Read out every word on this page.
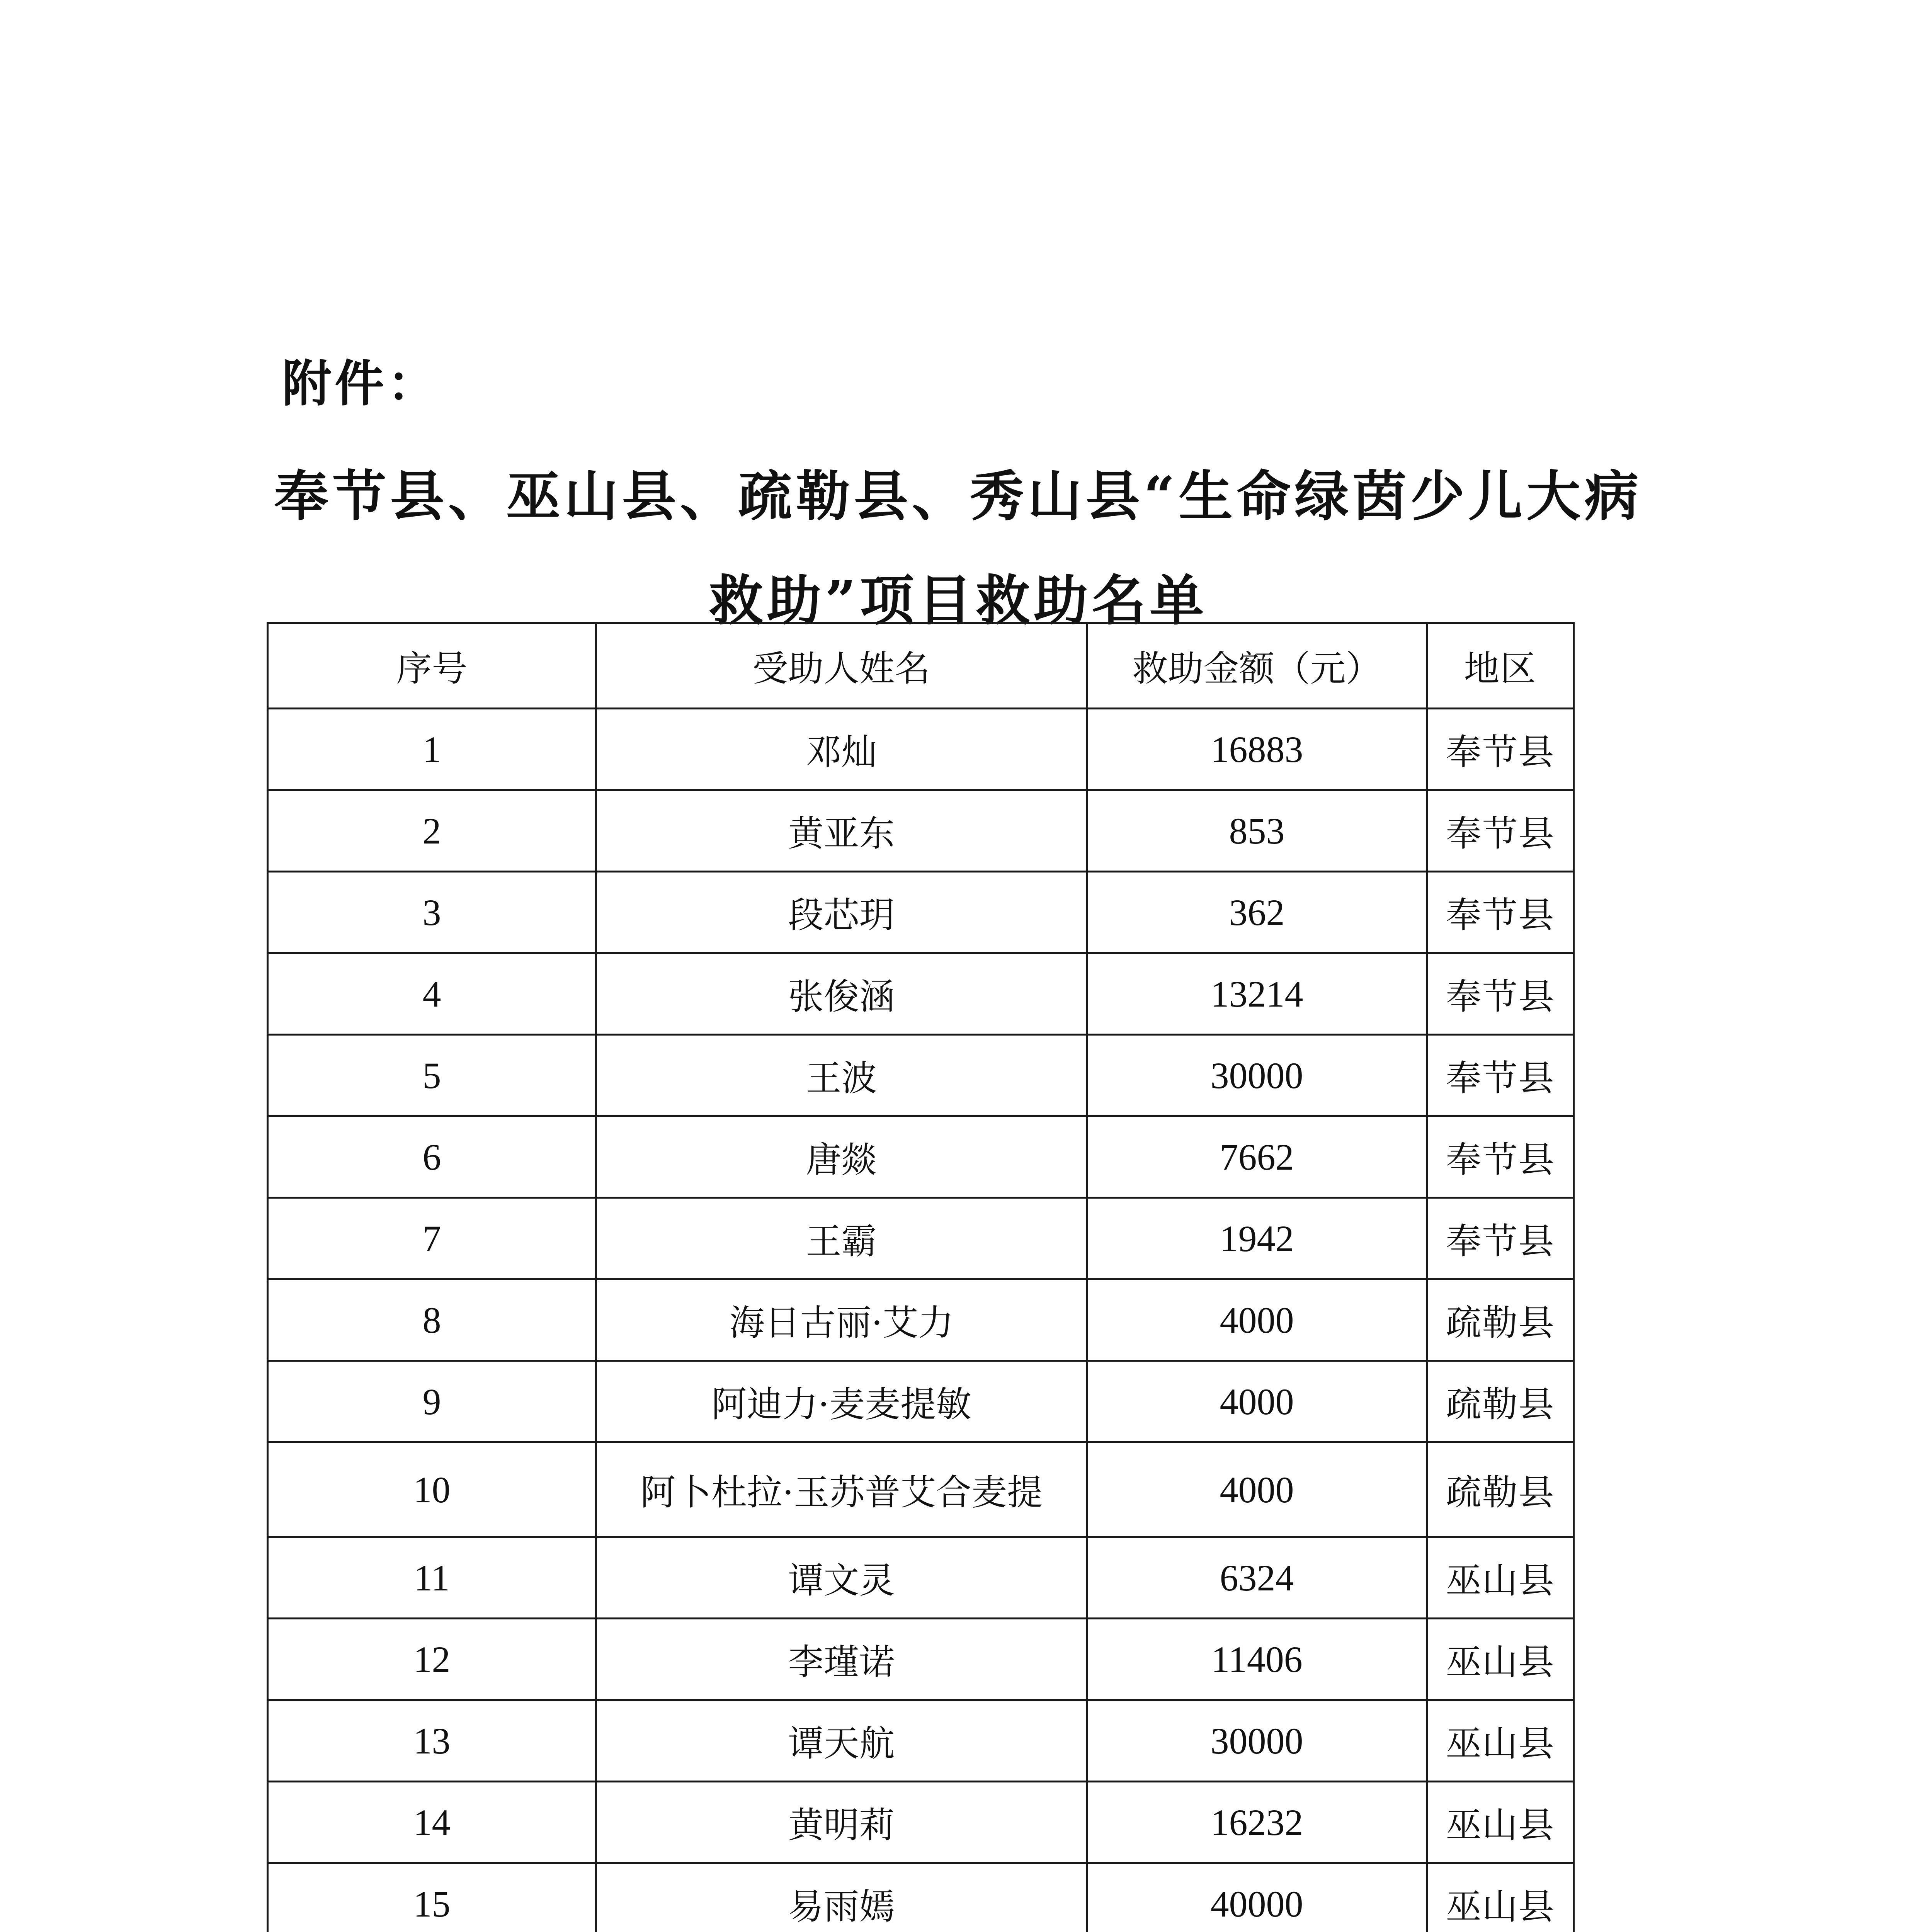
附件：

奉节县、巫山县、疏勒县、秀山县“生命绿茵少儿大病
救助”项目救助名单
序号	受助人姓名	救助金额（元）	地区
1	邓灿	16883	奉节县
2	黄亚东	853	奉节县
3	段芯玥	362	奉节县
4	张俊涵	13214	奉节县
5	王波	30000	奉节县
6	唐燚	7662	奉节县
7	王霸	1942	奉节县
8	海日古丽·艾力	4000	疏勒县
9	阿迪力·麦麦提敏	4000	疏勒县
10	阿卜杜拉·玉苏普艾合麦提	4000	疏勒县
11	谭文灵	6324	巫山县
12	李瑾诺	11406	巫山县
13	谭天航	30000	巫山县
14	黄明莉	16232	巫山县
15	易雨嫣	40000	巫山县
